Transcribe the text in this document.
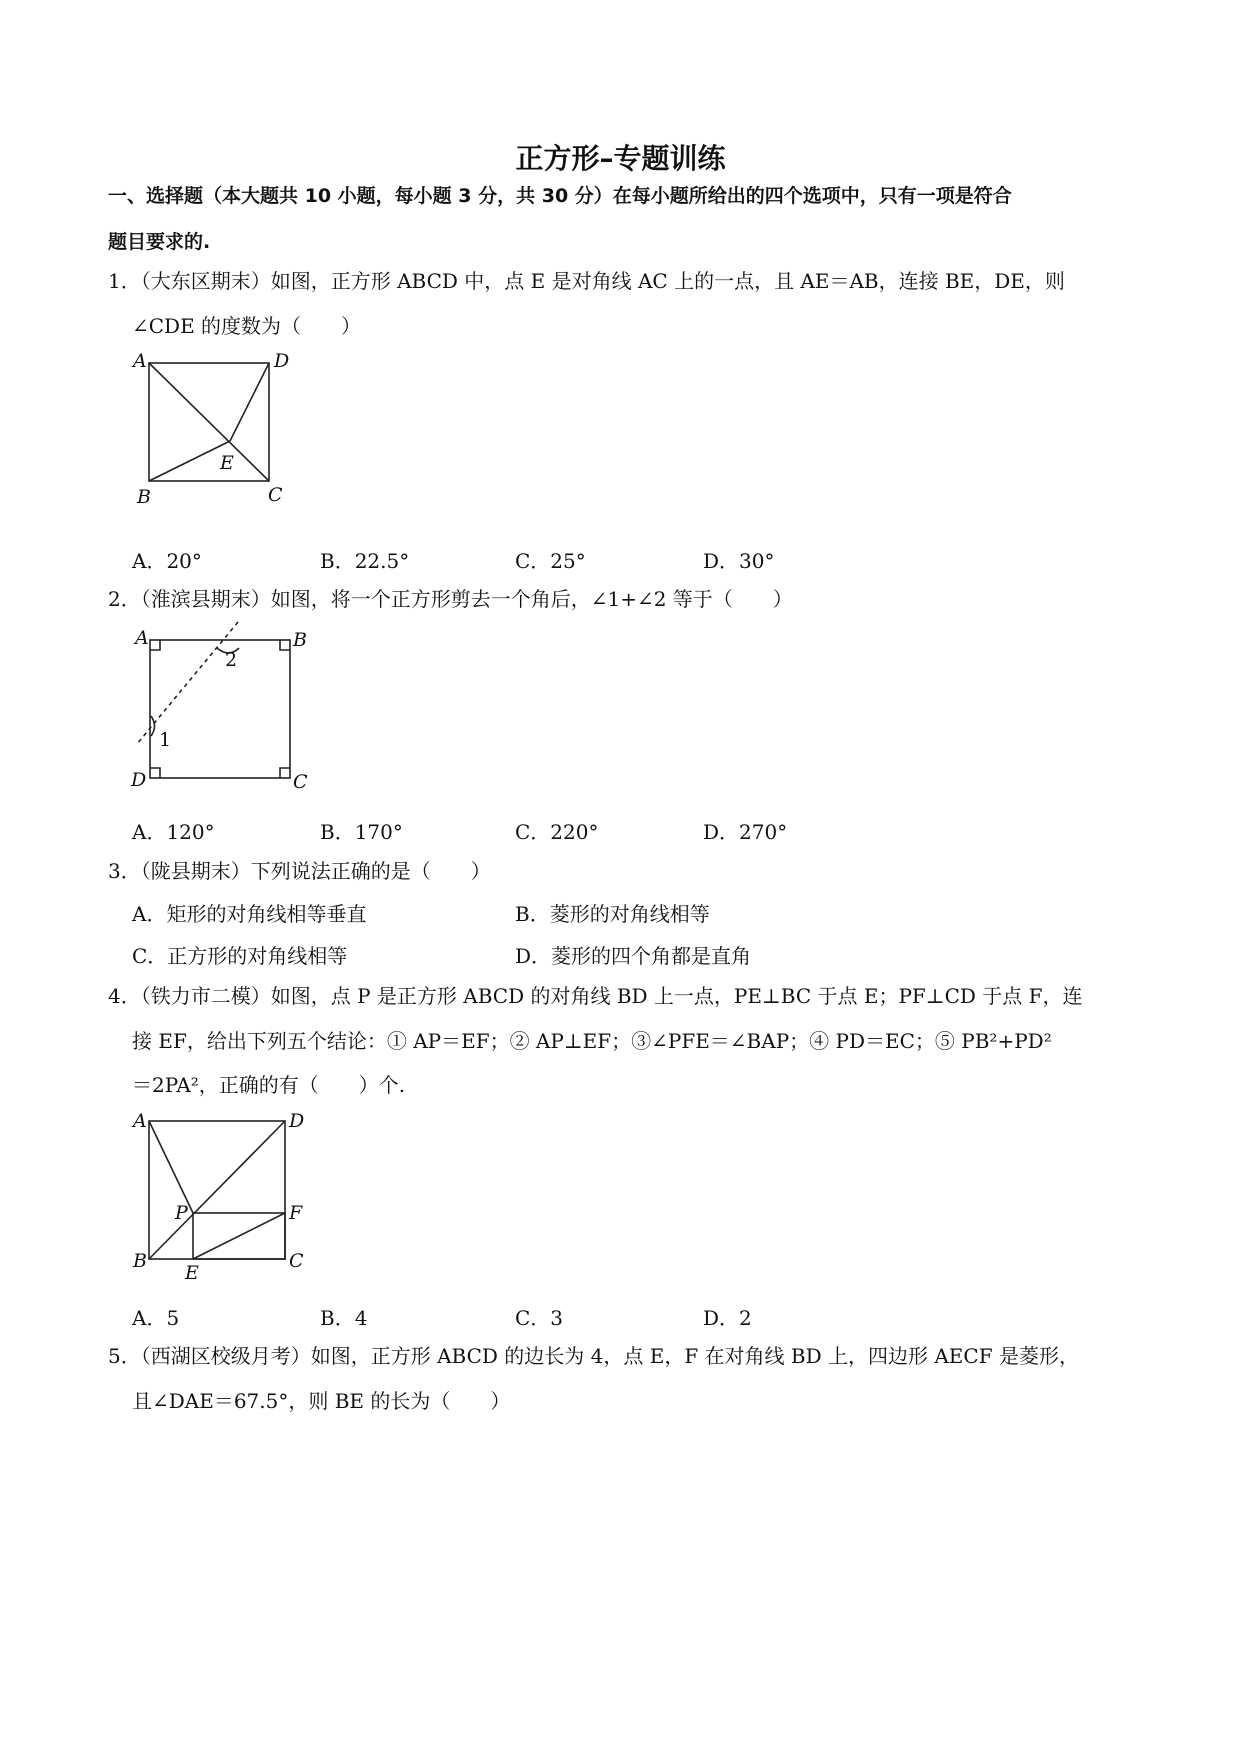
正方形–专题训练
一、选择题（本大题共 10 小题，每小题 3 分，共 30 分）在每小题所给出的四个选项中，只有一项是符合
题目要求的.
1．（大东区期末）如图，正方形 ABCD 中，点 E 是对角线 AC 上的一点，且 AE＝AB，连接 BE，DE，则
∠CDE 的度数为（　　）
A	D
B	C
E
A．20°	B．22.5°	C．25°	D．30°
2．（淮滨县期末）如图，将一个正方形剪去一个角后，∠1+∠2 等于（　　）
A	B
D	C
2
1
A．120°	B．170°	C．220°	D．270°
3．（陇县期末）下列说法正确的是（　　）
A．矩形的对角线相等垂直	B．菱形的对角线相等
C．正方形的对角线相等	D．菱形的四个角都是直角
4．（铁力市二模）如图，点 P 是正方形 ABCD 的对角线 BD 上一点，PE⊥BC 于点 E；PF⊥CD 于点 F，连
接 EF，给出下列五个结论：① AP＝EF；② AP⊥EF；③∠PFE＝∠BAP；④ PD＝EC；⑤ PB²+PD²
＝2PA²，正确的有（　　）个.
A	D
B	C
P	F
E
A．5	B．4	C．3	D．2
5．（西湖区校级月考）如图，正方形 ABCD 的边长为 4，点 E，F 在对角线 BD 上，四边形 AECF 是菱形，
且∠DAE＝67.5°，则 BE 的长为（　　）
